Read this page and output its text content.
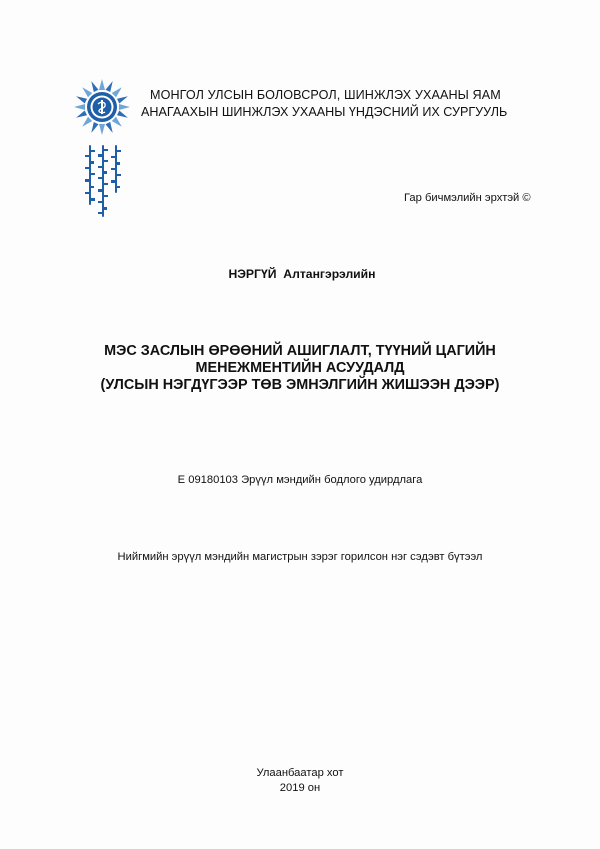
МОНГОЛ УЛСЫН БОЛОВСРОЛ, ШИНЖЛЭХ УХААНЫ ЯАМ
АНАГААХЫН ШИНЖЛЭХ УХААНЫ ҮНДЭСНИЙ ИХ СУРГУУЛЬ
Гар бичмэлийн эрхтэй ©
НЭРГҮЙ  Алтангэрэлийн
МЭС ЗАСЛЫН ӨРӨӨНИЙ АШИГЛАЛТ, ТҮҮНИЙ ЦАГИЙН
МЕНЕЖМЕНТИЙН АСУУДАЛД
(УЛСЫН НЭГДҮГЭЭР ТӨВ ЭМНЭЛГИЙН ЖИШЭЭН ДЭЭР)
Е 09180103 Эрүүл мэндийн бодлого удирдлага
Нийгмийн эрүүл мэндийн магистрын зэрэг горилсон нэг сэдэвт бүтээл
Улаанбаатар хот
2019 он
